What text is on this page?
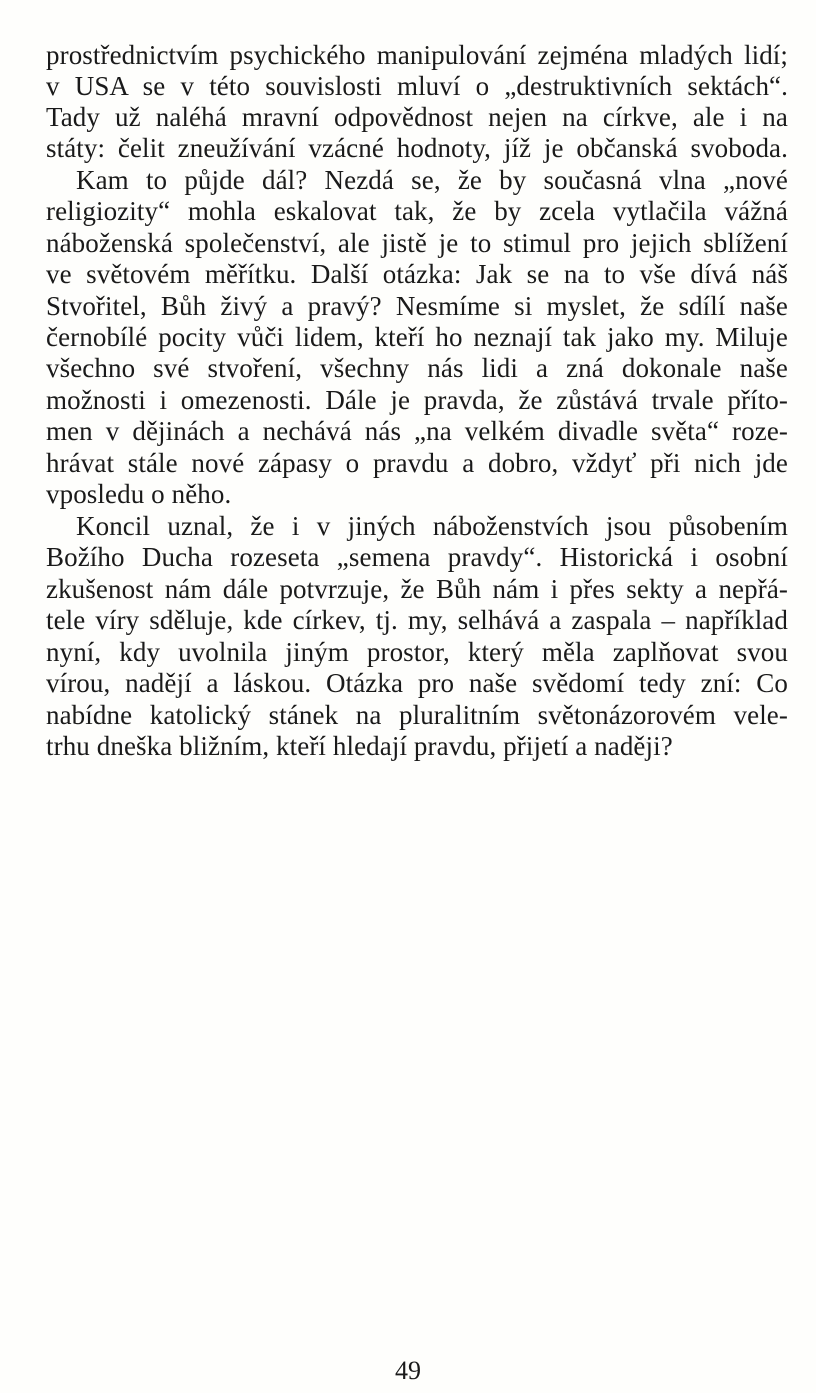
prostřednictvím psychického manipulování zejména mladých lidí;
v USA se v této souvislosti mluví o „destruktivních sektách“.
Tady už naléhá mravní odpovědnost nejen na církve, ale i na
státy: čelit zneužívání vzácné hodnoty, jíž je občanská svoboda.
Kam to půjde dál? Nezdá se, že by současná vlna „nové
religiozity“ mohla eskalovat tak, že by zcela vytlačila vážná
náboženská společenství, ale jistě je to stimul pro jejich sblížení
ve světovém měřítku. Další otázka: Jak se na to vše dívá náš
Stvořitel, Bůh živý a pravý? Nesmíme si myslet, že sdílí naše
černobílé pocity vůči lidem, kteří ho neznají tak jako my. Miluje
všechno své stvoření, všechny nás lidi a zná dokonale naše
možnosti i omezenosti. Dále je pravda, že zůstává trvale příto-
men v dějinách a nechává nás „na velkém divadle světa“ roze-
hrávat stále nové zápasy o pravdu a dobro, vždyť při nich jde
vposledu o něho.
Koncil uznal, že i v jiných náboženstvích jsou působením
Božího Ducha rozeseta „semena pravdy“. Historická i osobní
zkušenost nám dále potvrzuje, že Bůh nám i přes sekty a nepřá-
tele víry sděluje, kde církev, tj. my, selhává a zaspala – například
nyní, kdy uvolnila jiným prostor, který měla zaplňovat svou
vírou, nadějí a láskou. Otázka pro naše svědomí tedy zní: Co
nabídne katolický stánek na pluralitním světonázorovém vele-
trhu dneška bližním, kteří hledají pravdu, přijetí a naději?
49
